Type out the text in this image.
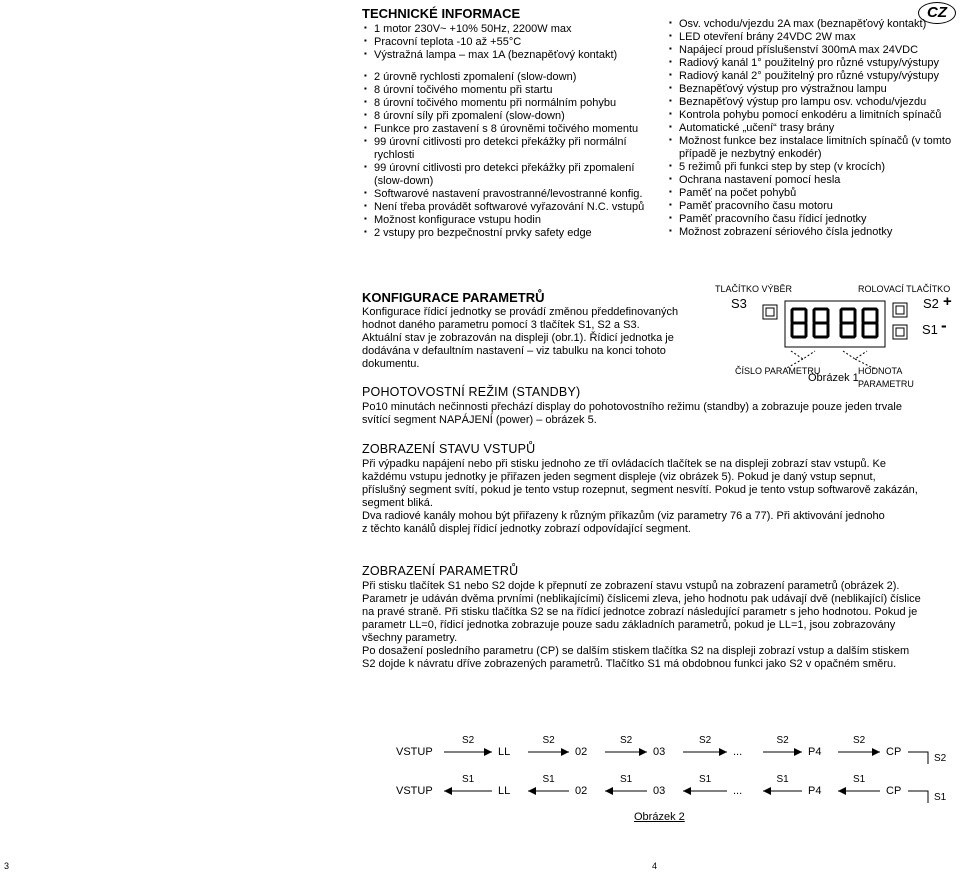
TECHNICKÉ INFORMACE
▪ 1 motor 230V~ +10% 50Hz, 2200W max
▪ Pracovní teplota -10 až +55°C
▪ Výstražná lampa – max 1A (beznapěťový kontakt)
▪ 2 úrovně rychlosti zpomalení (slow-down)
▪ 8 úrovní točivého momentu při startu
▪ 8 úrovní točivého momentu při normálním pohybu
▪ 8 úrovní síly při zpomalení (slow-down)
▪ Funkce pro zastavení s 8 úrovněmi točivého momentu
▪ 99 úrovní citlivosti pro detekci překážky při normální rychlosti
▪ 99 úrovní citlivosti pro detekci překážky při zpomalení (slow-down)
▪ Softwarové nastavení pravostranné/levostranné konfig.
▪ Není třeba provádět softwarové vyřazování N.C. vstupů
▪ Možnost konfigurace vstupu hodin
▪ 2 vstupy pro bezpečnostní prvky safety edge
CZ
▪ Osv. vchodu/vjezdu 2A max (beznapěťový kontakt)
▪ LED otevření brány 24VDC 2W max
▪ Napájecí proud příslušenství 300mA max 24VDC
▪ Radiový kanál 1° použitelný pro různé vstupy/výstupy
▪ Radiový kanál 2° použitelný pro různé vstupy/výstupy
▪ Beznapěťový výstup pro výstražnou lampu
▪ Beznapěťový výstup pro lampu osv. vchodu/vjezdu
▪ Kontrola pohybu pomocí enkodéru a limitních spínačů
▪ Automatické „učení“ trasy brány
▪ Možnost funkce bez instalace limitních spínačů (v tomto případě je nezbytný enkodér)
▪ 5 režimů při funkci step by step (v krocích)
▪ Ochrana nastavení pomocí hesla
▪ Paměť na počet pohybů
▪ Paměť pracovního času motoru
▪ Paměť pracovního času řídicí jednotky
▪ Možnost zobrazení sériového čísla jednotky
KONFIGURACE PARAMETRŮ
Konfigurace řídicí jednotky se provádí změnou předdefinovaných
hodnot daného parametru pomocí 3 tlačítek S1, S2 a S3.
Aktuální stav je zobrazován na displeji (obr.1). Řídicí jednotka je
dodávána v defaultním nastavení – viz tabulku na konci tohoto
dokumentu.
TLAČÍTKO VÝBĚR	ROLOVACÍ TLAČÍTKO
S3	S2 +
S1 -
ČÍSLO PARAMETRU	HODNOTA PARAMETRU
Obrázek 1
POHOTOVOSTNÍ REŽIM (STANDBY)
Po10 minutách nečinnosti přechází display do pohotovostního režimu (standby) a zobrazuje pouze jeden trvale
svítící segment NAPÁJENÍ (power) – obrázek 5.
ZOBRAZENÍ STAVU VSTUPŮ
Při výpadku napájení nebo při stisku jednoho ze tří ovládacích tlačítek se na displeji zobrazí stav vstupů. Ke
každému vstupu jednotky je přiřazen jeden segment displeje (viz obrázek 5). Pokud je daný vstup sepnut,
příslušný segment svítí, pokud je tento vstup rozepnut, segment nesvítí. Pokud je tento vstup softwarově zakázán,
segment bliká.
Dva radiové kanály mohou být přiřazeny k různým příkazům (viz parametry 76 a 77). Při aktivování jednoho
z těchto kanálů displej řídicí jednotky zobrazí odpovídající segment.
ZOBRAZENÍ PARAMETRŮ
Při stisku tlačítek S1 nebo S2 dojde k přepnutí ze zobrazení stavu vstupů na zobrazení parametrů (obrázek 2).
Parametr je udáván dvěma prvními (neblikajícími) číslicemi zleva, jeho hodnotu pak udávají dvě (neblikající) číslice
na pravé straně. Při stisku tlačítka S2 se na řídicí jednotce zobrazí následující parametr s jeho hodnotou. Pokud je
parametr LL=0, řídicí jednotka zobrazuje pouze sadu základních parametrů, pokud je LL=1, jsou zobrazovány
všechny parametry.
Po dosažení posledního parametru (CP) se dalším stiskem tlačítka S2 na displeji zobrazí vstup a dalším stiskem
S2 dojde k návratu dříve zobrazených parametrů. Tlačítko S1 má obdobnou funkci jako S2 v opačném směru.
VSTUP
S2
LL
S2
02
S2
03
S2
...
S2
P4
S2
CP
S2
VSTUP
S1
LL
S1
02
S1
03
S1
...
S1
P4
S1
CP
S1
Obrázek 2
3	4
